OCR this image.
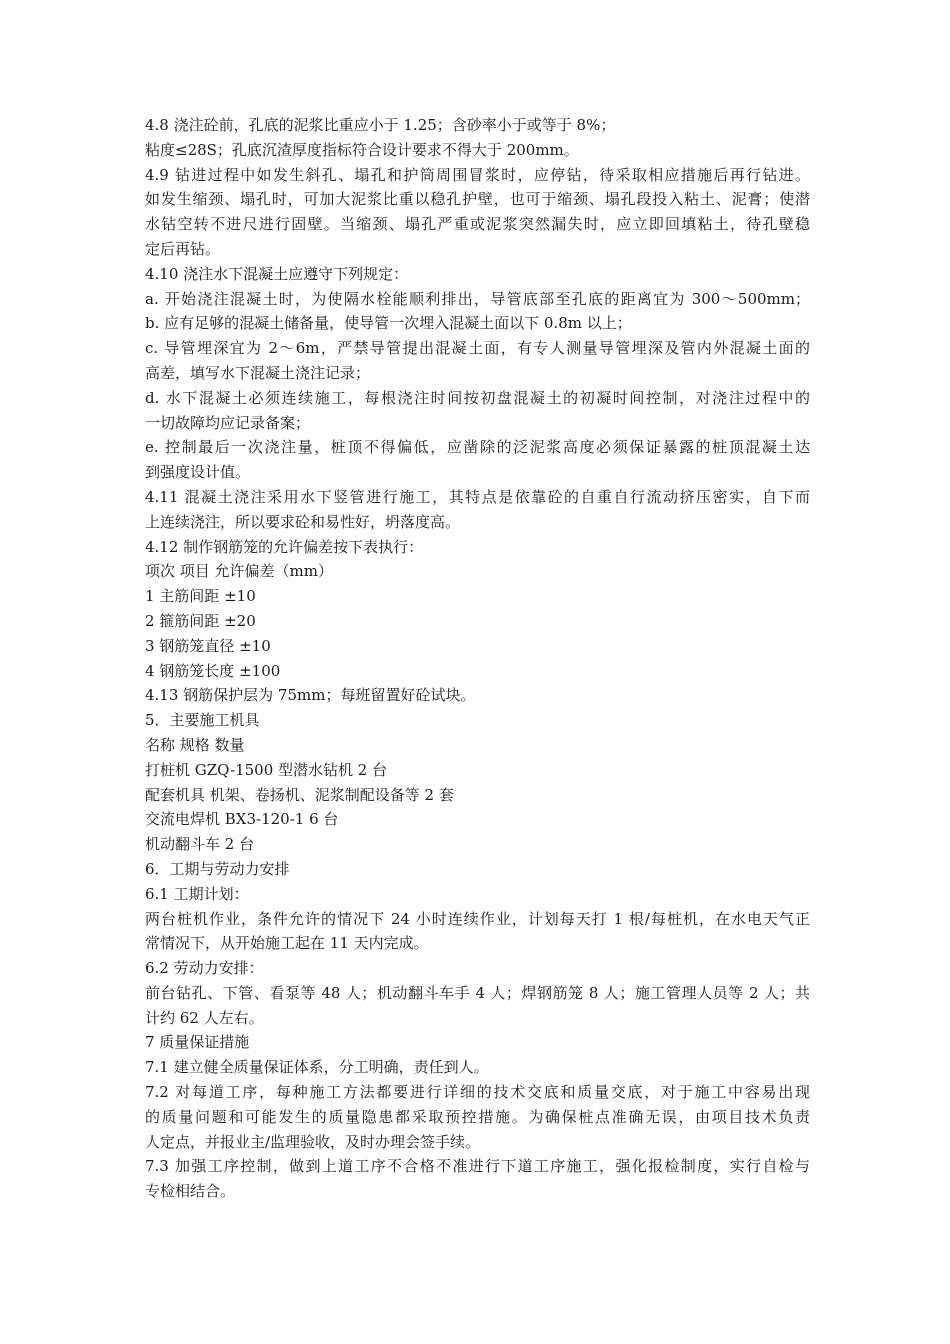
4.8 浇注砼前，孔底的泥浆比重应小于 1.25；含砂率小于或等于 8%；

粘度≤28S；孔底沉渣厚度指标符合设计要求不得大于 200mm。

4.9 钻进过程中如发生斜孔、塌孔和护筒周围冒浆时，应停钻，待采取相应措施后再行钻进。

如发生缩颈、塌孔时，可加大泥浆比重以稳孔护壁，也可于缩颈、塌孔段投入粘土、泥膏；使潜

水钻空转不进尺进行固壁。当缩颈、塌孔严重或泥浆突然漏失时，应立即回填粘土，待孔壁稳

定后再钻。

4.10 浇注水下混凝土应遵守下列规定：

a. 开始浇注混凝土时，为使隔水栓能顺利排出，导管底部至孔底的距离宜为 300～500mm；

b. 应有足够的混凝土储备量，使导管一次埋入混凝土面以下 0.8m 以上；

c. 导管埋深宜为 2～6m，严禁导管提出混凝土面，有专人测量导管埋深及管内外混凝土面的

高差，填写水下混凝土浇注记录；

d. 水下混凝土必须连续施工，每根浇注时间按初盘混凝土的初凝时间控制，对浇注过程中的

一切故障均应记录备案；

e. 控制最后一次浇注量，桩顶不得偏低，应凿除的泛泥浆高度必须保证暴露的桩顶混凝土达

到强度设计值。

4.11 混凝土浇注采用水下竖管进行施工，其特点是依靠砼的自重自行流动挤压密实，自下而

上连续浇注，所以要求砼和易性好，坍落度高。

4.12 制作钢筋笼的允许偏差按下表执行：

项次 项目 允许偏差（mm）

1 主筋间距 ±10

2 箍筋间距 ±20

3 钢筋笼直径 ±10

4 钢筋笼长度 ±100

4.13 钢筋保护层为 75mm；每班留置好砼试块。

5．主要施工机具

名称 规格 数量

打桩机 GZQ-1500 型潜水钻机 2 台

配套机具 机架、卷扬机、泥浆制配设备等 2 套

交流电焊机 BX3-120-1 6 台

机动翻斗车 2 台

6．工期与劳动力安排

6.1 工期计划：

两台桩机作业，条件允许的情况下 24 小时连续作业，计划每天打 1 根/每桩机，在水电天气正

常情况下，从开始施工起在 11 天内完成。

6.2 劳动力安排：

前台钻孔、下管、看泵等 48 人；机动翻斗车手 4 人；焊钢筋笼 8 人；施工管理人员等 2 人；共

计约 62 人左右。

7 质量保证措施

7.1 建立健全质量保证体系，分工明确，责任到人。

7.2 对每道工序，每种施工方法都要进行详细的技术交底和质量交底，对于施工中容易出现

的质量问题和可能发生的质量隐患都采取预控措施。为确保桩点准确无误，由项目技术负责

人定点，并报业主/监理验收，及时办理会签手续。

7.3 加强工序控制，做到上道工序不合格不准进行下道工序施工，强化报检制度，实行自检与

专检相结合。
